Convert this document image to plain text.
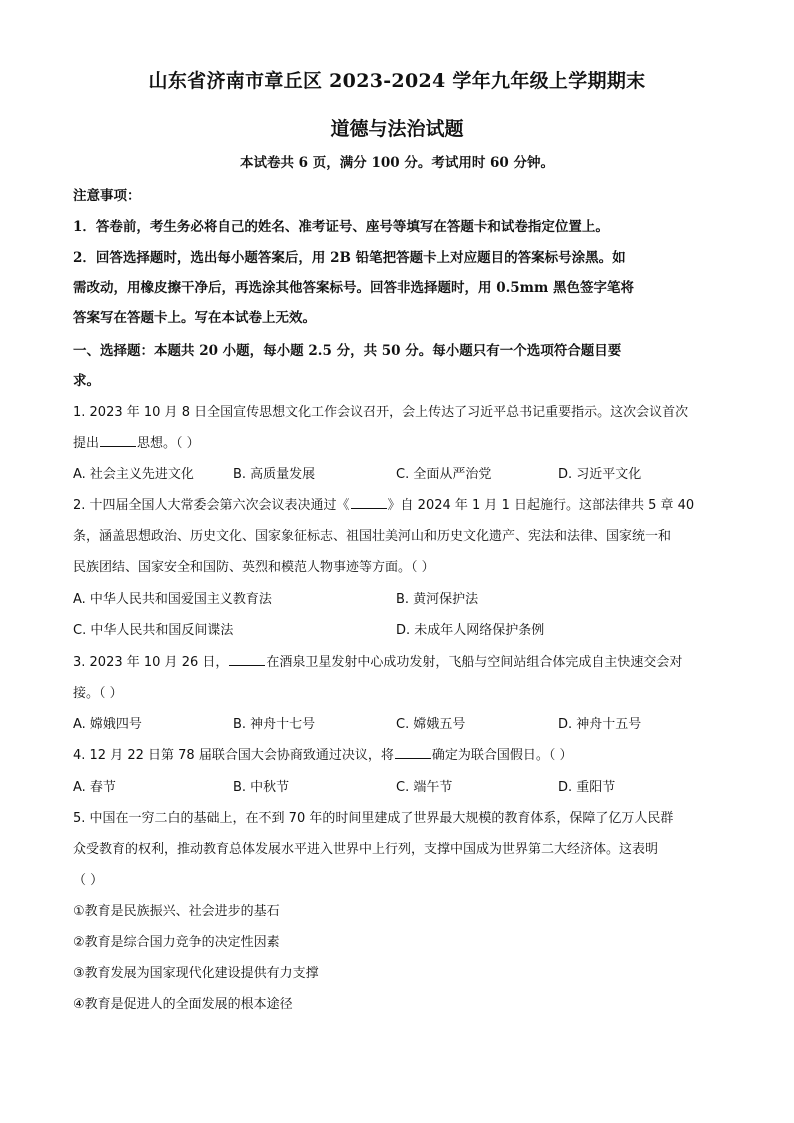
山东省济南市章丘区 2023-2024 学年九年级上学期期末
道德与法治试题
本试卷共 6 页，满分 100 分。考试用时 60 分钟。
注意事项：
1．答卷前，考生务必将自己的姓名、准考证号、座号等填写在答题卡和试卷指定位置上。
2．回答选择题时，选出每小题答案后，用 2B 铅笔把答题卡上对应题目的答案标号涂黑。如
需改动，用橡皮擦干净后，再选涂其他答案标号。回答非选择题时，用 0.5mm 黑色签字笔将
答案写在答题卡上。写在本试卷上无效。
一、选择题：本题共 20 小题，每小题 2.5 分，共 50 分。每小题只有一个选项符合题目要
求。
1. 2023 年 10 月 8 日全国宣传思想文化工作会议召开，会上传达了习近平总书记重要指示。这次会议首次
提出	思想。（ ）
A. 社会主义先进文化	B. 高质量发展	C. 全面从严治党	D. 习近平文化
2. 十四届全国人大常委会第六次会议表决通过《	》自 2024 年 1 月 1 日起施行。这部法律共 5 章 40
条，涵盖思想政治、历史文化、国家象征标志、祖国壮美河山和历史文化遗产、宪法和法律、国家统一和
民族团结、国家安全和国防、英烈和模范人物事迹等方面。（ ）
A. 中华人民共和国爱国主义教育法	B. 黄河保护法
C. 中华人民共和国反间谍法	D. 未成年人网络保护条例
3. 2023 年 10 月 26 日，	在酒泉卫星发射中心成功发射，飞船与空间站组合体完成自主快速交会对
接。（ ）
A. 嫦娥四号	B. 神舟十七号	C. 嫦娥五号	D. 神舟十五号
4. 12 月 22 日第 78 届联合国大会协商致通过决议，将	确定为联合国假日。（ ）
A. 春节	B. 中秋节	C. 端午节	D. 重阳节
5. 中国在一穷二白的基础上，在不到 70 年的时间里建成了世界最大规模的教育体系，保障了亿万人民群
众受教育的权利，推动教育总体发展水平进入世界中上行列，支撑中国成为世界第二大经济体。这表明
（ ）
①教育是民族振兴、社会进步的基石
②教育是综合国力竞争的决定性因素
③教育发展为国家现代化建设提供有力支撑
④教育是促进人的全面发展的根本途径
